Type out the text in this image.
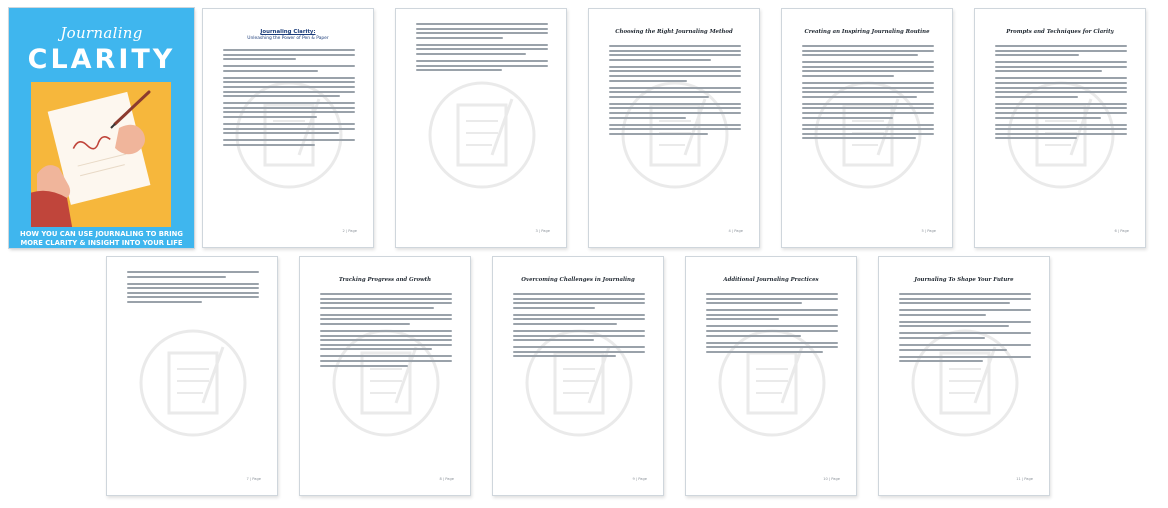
Journaling
CLARITY
HOW YOU CAN USE JOURNALING TO BRING MORE CLARITY & INSIGHT INTO YOUR LIFE
Journaling Clarity:
Unleashing the Power of Pen & Paper
2 | Page	3 | Page
Choosing the Right Journaling Method
4 | Page
Creating an Inspiring Journaling Routine
5 | Page
Prompts and Techniques for Clarity
6 | Page
7 | Page
Tracking Progress and Growth
8 | Page
Overcoming Challenges in Journaling
9 | Page
Additional Journaling Practices
10 | Page
Journaling To Shape Your Future
11 | Page
